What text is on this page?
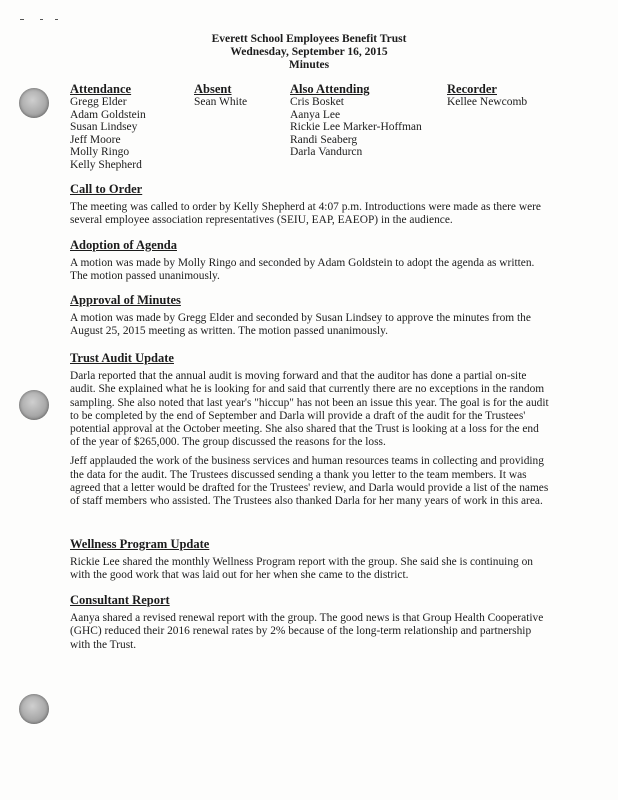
Everett School Employees Benefit Trust
Wednesday, September 16, 2015
Minutes
Attendance
Gregg Elder
Adam Goldstein
Susan Lindsey
Jeff Moore
Molly Ringo
Kelly Shepherd
Absent
Sean White
Also Attending
Cris Bosket
Aanya Lee
Rickie Lee Marker-Hoffman
Randi Seaberg
Darla Vandurcn
Recorder
Kellee Newcomb
Call to Order

The meeting was called to order by Kelly Shepherd at 4:07 p.m. Introductions were made as there were several employee association representatives (SEIU, EAP, EAEOP) in the audience.

Adoption of Agenda

A motion was made by Molly Ringo and seconded by Adam Goldstein to adopt the agenda as written. The motion passed unanimously.

Approval of Minutes

A motion was made by Gregg Elder and seconded by Susan Lindsey to approve the minutes from the August 25, 2015 meeting as written. The motion passed unanimously.

Trust Audit Update

Darla reported that the annual audit is moving forward and that the auditor has done a partial on-site audit. She explained what he is looking for and said that currently there are no exceptions in the random sampling. She also noted that last year's "hiccup" has not been an issue this year. The goal is for the audit to be completed by the end of September and Darla will provide a draft of the audit for the Trustees' potential approval at the October meeting. She also shared that the Trust is looking at a loss for the end of the year of $265,000. The group discussed the reasons for the loss.

Jeff applauded the work of the business services and human resources teams in collecting and providing the data for the audit. The Trustees discussed sending a thank you letter to the team members. It was agreed that a letter would be drafted for the Trustees' review, and Darla would provide a list of the names of staff members who assisted. The Trustees also thanked Darla for her many years of work in this area.

Wellness Program Update

Rickie Lee shared the monthly Wellness Program report with the group. She said she is continuing on with the good work that was laid out for her when she came to the district.

Consultant Report

Aanya shared a revised renewal report with the group. The good news is that Group Health Cooperative (GHC) reduced their 2016 renewal rates by 2% because of the long-term relationship and partnership with the Trust.
